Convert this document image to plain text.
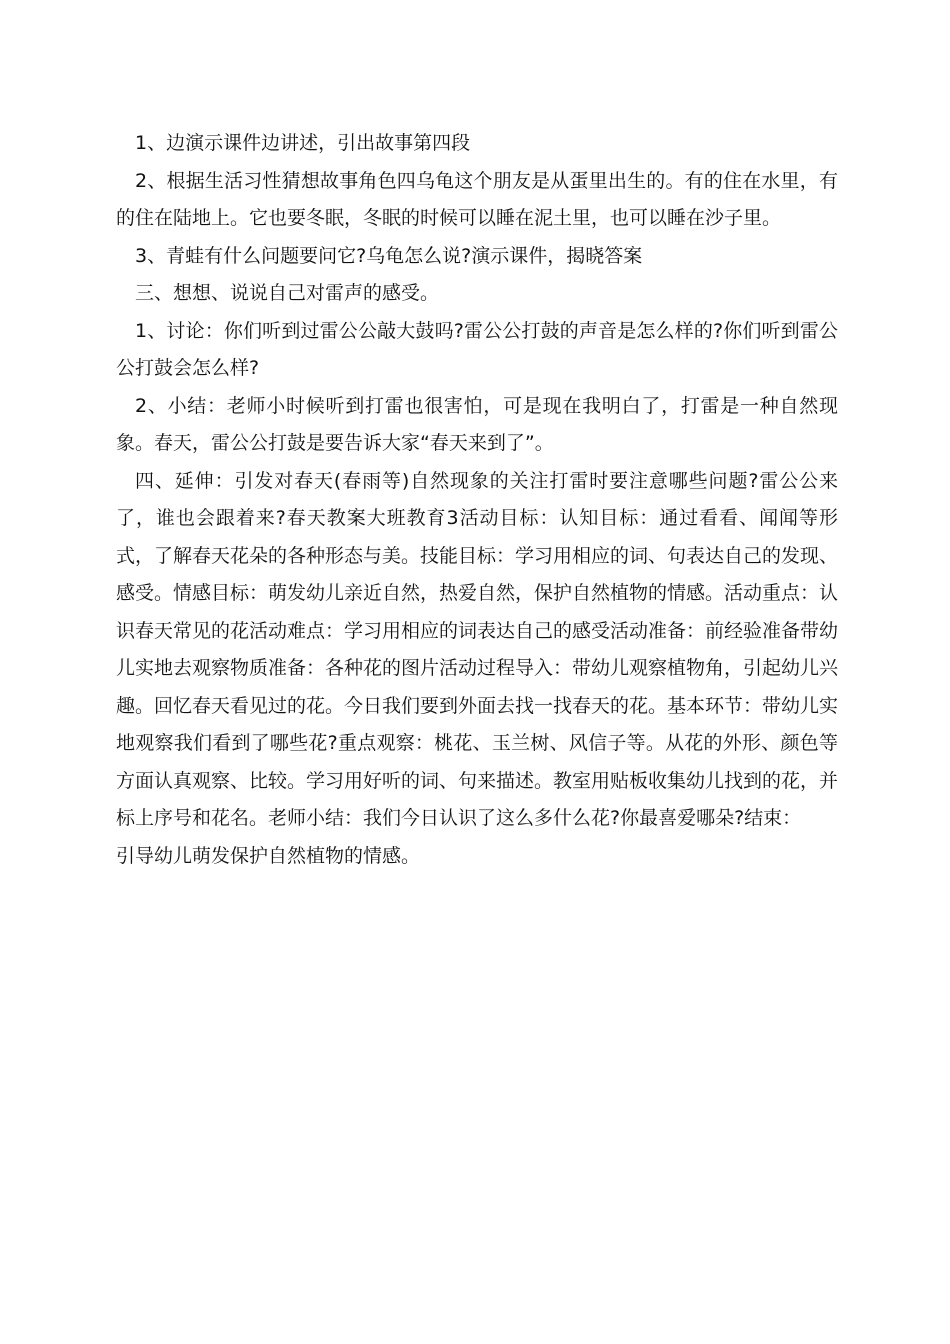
1、边演示课件边讲述，引出故事第四段

2、根据生活习性猜想故事角色四乌龟这个朋友是从蛋里出生的。有的住在水里，有的住在陆地上。它也要冬眠，冬眠的时候可以睡在泥土里，也可以睡在沙子里。

3、青蛙有什么问题要问它?乌龟怎么说?演示课件，揭晓答案

三、想想、说说自己对雷声的感受。

1、讨论：你们听到过雷公公敲大鼓吗?雷公公打鼓的声音是怎么样的?你们听到雷公公打鼓会怎么样?

2、小结：老师小时候听到打雷也很害怕，可是现在我明白了，打雷是一种自然现象。春天，雷公公打鼓是要告诉大家“春天来到了”。

四、延伸：引发对春天(春雨等)自然现象的关注打雷时要注意哪些问题?雷公公来了，谁也会跟着来?春天教案大班教育3活动目标：认知目标：通过看看、闻闻等形式，了解春天花朵的各种形态与美。技能目标：学习用相应的词、句表达自己的发现、感受。情感目标：萌发幼儿亲近自然，热爱自然，保护自然植物的情感。活动重点：认识春天常见的花活动难点：学习用相应的词表达自己的感受活动准备：前经验准备带幼儿实地去观察物质准备：各种花的图片活动过程导入：带幼儿观察植物角，引起幼儿兴趣。回忆春天看见过的花。今日我们要到外面去找一找春天的花。基本环节：带幼儿实地观察我们看到了哪些花?重点观察：桃花、玉兰树、风信子等。从花的外形、颜色等方面认真观察、比较。学习用好听的词、句来描述。教室用贴板收集幼儿找到的花，并标上序号和花名。老师小结：我们今日认识了这么多什么花?你最喜爱哪朵?结束：

引导幼儿萌发保护自然植物的情感。
